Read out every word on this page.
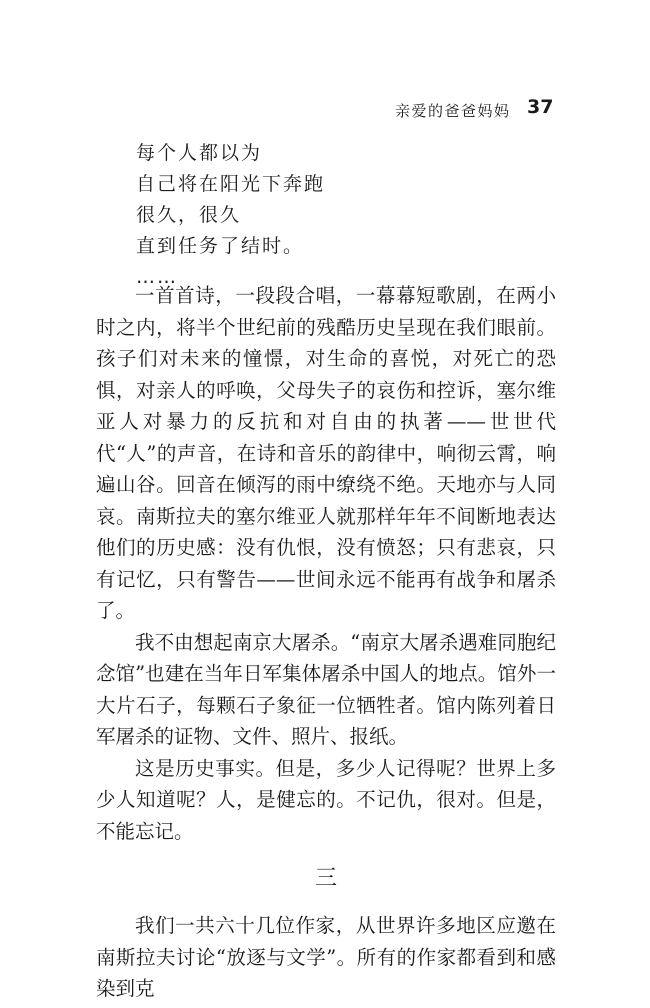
亲爱的爸爸妈妈 37
每个人都以为
自己将在阳光下奔跑
很久，很久
直到任务了结时。
……

一首首诗，一段段合唱，一幕幕短歌剧，在两小时之内，将半个世纪前的残酷历史呈现在我们眼前。孩子们对未来的憧憬，对生命的喜悦，对死亡的恐惧，对亲人的呼唤，父母失子的哀伤和控诉，塞尔维亚人对暴力的反抗和对自由的执著——世世代代“人”的声音，在诗和音乐的韵律中，响彻云霄，响遍山谷。回音在倾泻的雨中缭绕不绝。天地亦与人同哀。南斯拉夫的塞尔维亚人就那样年年不间断地表达他们的历史感：没有仇恨，没有愤怒；只有悲哀，只有记忆，只有警告——世间永远不能再有战争和屠杀了。

我不由想起南京大屠杀。“南京大屠杀遇难同胞纪念馆”也建在当年日军集体屠杀中国人的地点。馆外一大片石子，每颗石子象征一位牺牲者。馆内陈列着日军屠杀的证物、文件、照片、报纸。

这是历史事实。但是，多少人记得呢？世界上多少人知道呢？人，是健忘的。不记仇，很对。但是，不能忘记。

三

我们一共六十几位作家，从世界许多地区应邀在南斯拉夫讨论“放逐与文学”。所有的作家都看到和感染到克
